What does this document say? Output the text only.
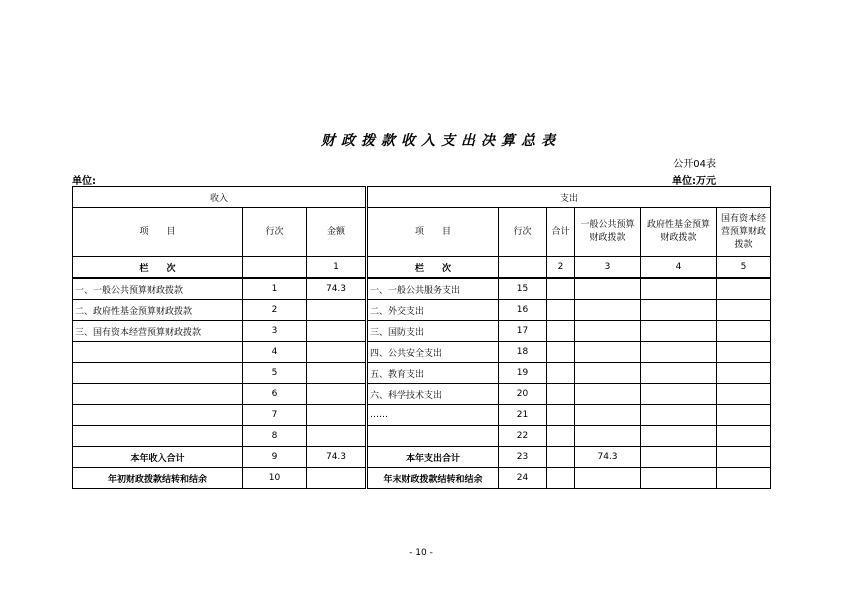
财政拨款收入支出决算总表
公开04表
单位:	单位:万元
收入			支出					
项　　目	行次	金额	项　　目	行次	合计	一般公共预算财政拨款	政府性基金预算财政拨款	国有资本经营预算财政拨款
栏　　次		1	栏　　次		2	3	4	5
一、一般公共预算财政拨款	1	74.3	一、一般公共服务支出	15				
二、政府性基金预算财政拨款	2		二、外交支出	16				
三、国有资本经营预算财政拨款	3		三、国防支出	17				
	4		四、公共安全支出	18				
	5		五、教育支出	19				
	6		六、科学技术支出	20				
	7		……	21				
	8			22				
本年收入合计	9	74.3	本年支出合计	23		74.3		
年初财政拨款结转和结余	10		年末财政拨款结转和结余	24				
- 10 -
